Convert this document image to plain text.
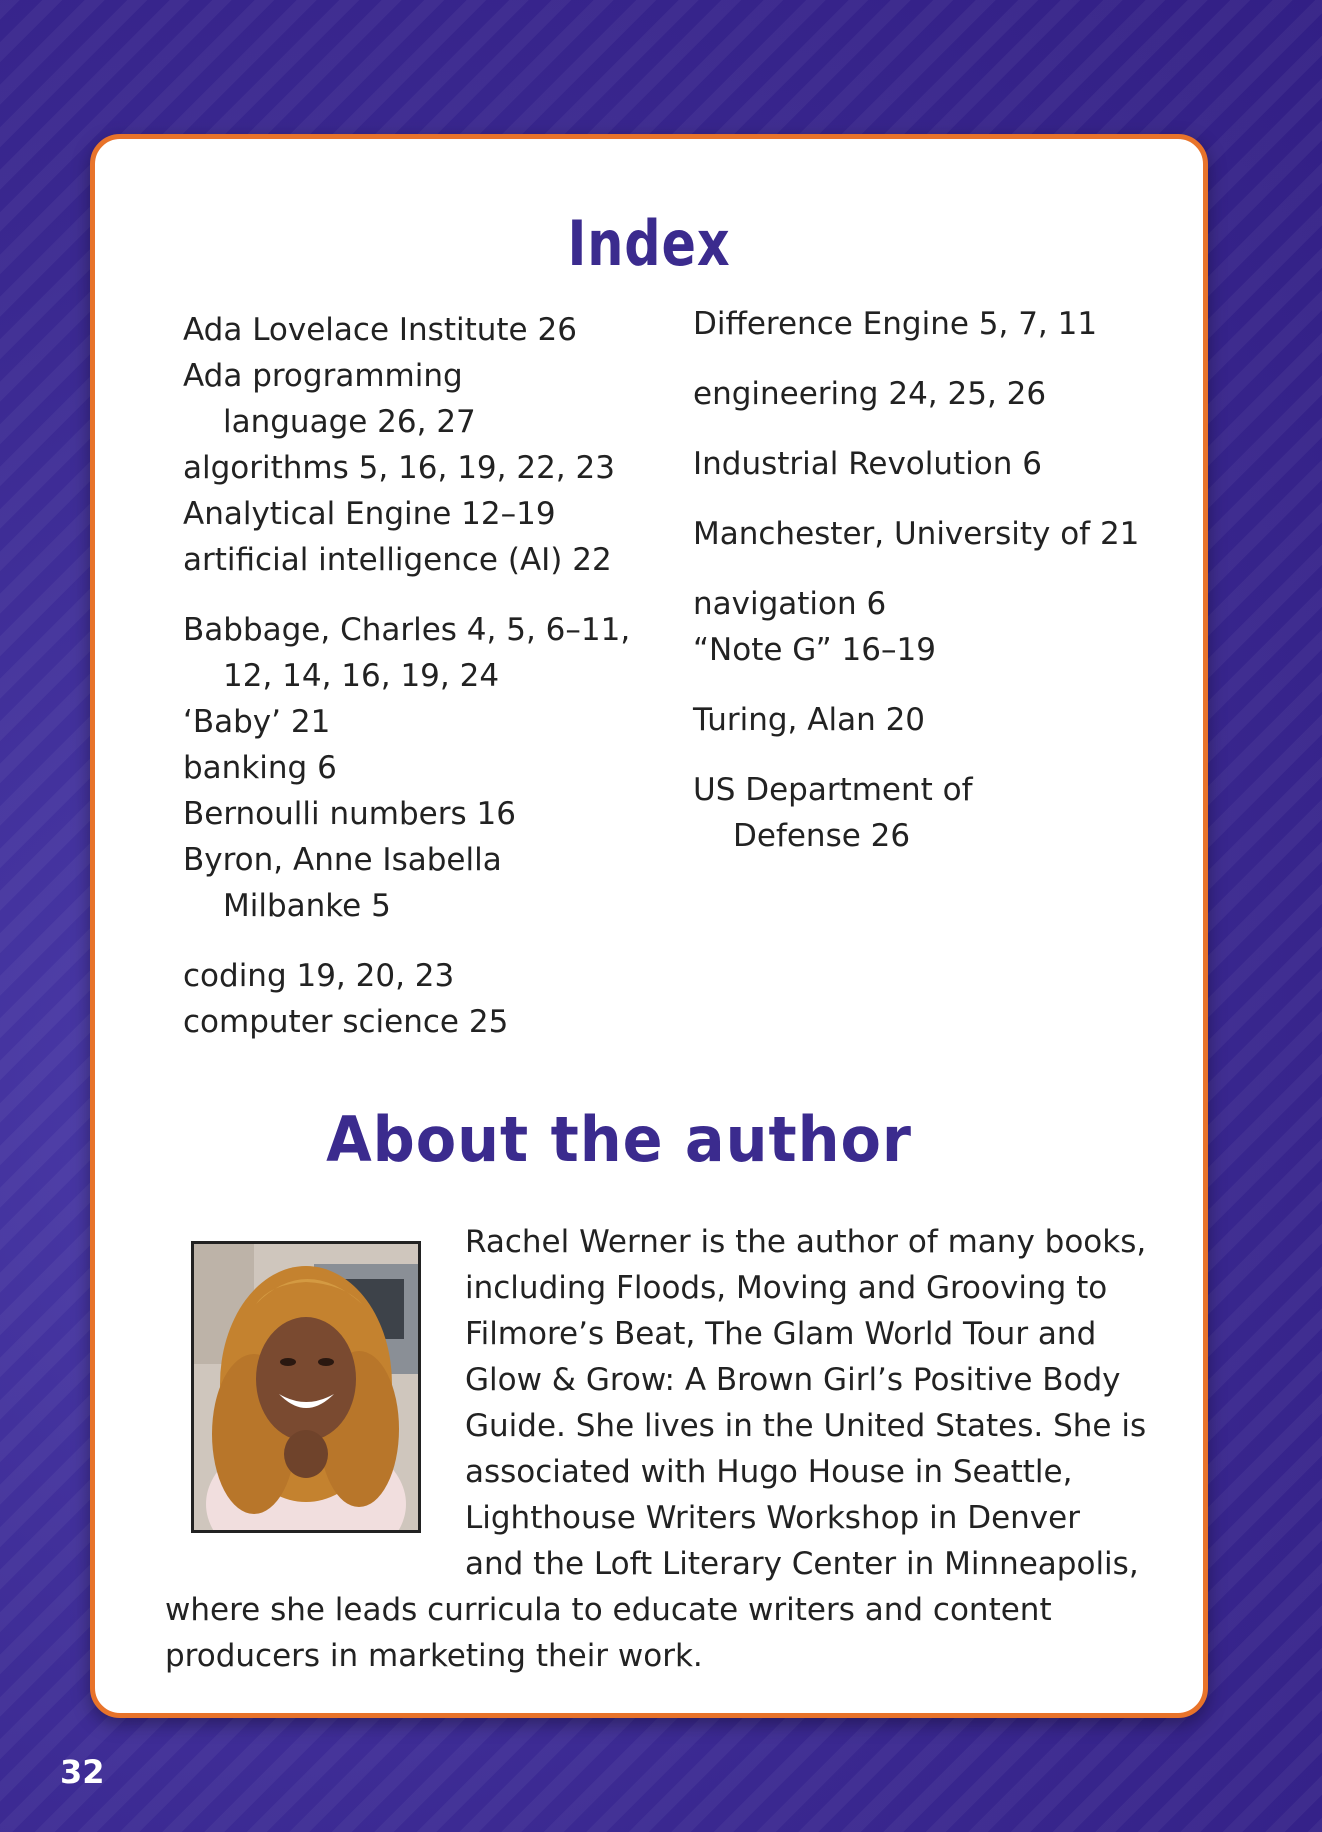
Index

Ada Lovelace Institute 26

Ada programming
language 26, 27

algorithms 5, 16, 19, 22, 23

Analytical Engine 12–19

artificial intelligence (AI) 22

Babbage, Charles 4, 5, 6–11,
12, 14, 16, 19, 24

‘Baby’ 21

banking 6

Bernoulli numbers 16

Byron, Anne Isabella
Milbanke 5

coding 19, 20, 23

computer science 25

Difference Engine 5, 7, 11

engineering 24, 25, 26

Industrial Revolution 6

Manchester, University of 21

navigation 6

“Note G” 16–19

Turing, Alan 20

US Department of
Defense 26

About the author
Rachel Werner is the author of many books,
including Floods, Moving and Grooving to
Filmore’s Beat, The Glam World Tour and
Glow & Grow: A Brown Girl’s Positive Body
Guide. She lives in the United States. She is
associated with Hugo House in Seattle,
Lighthouse Writers Workshop in Denver
and the Loft Literary Center in Minneapolis,
where she leads curricula to educate writers and content
producers in marketing their work.
32
